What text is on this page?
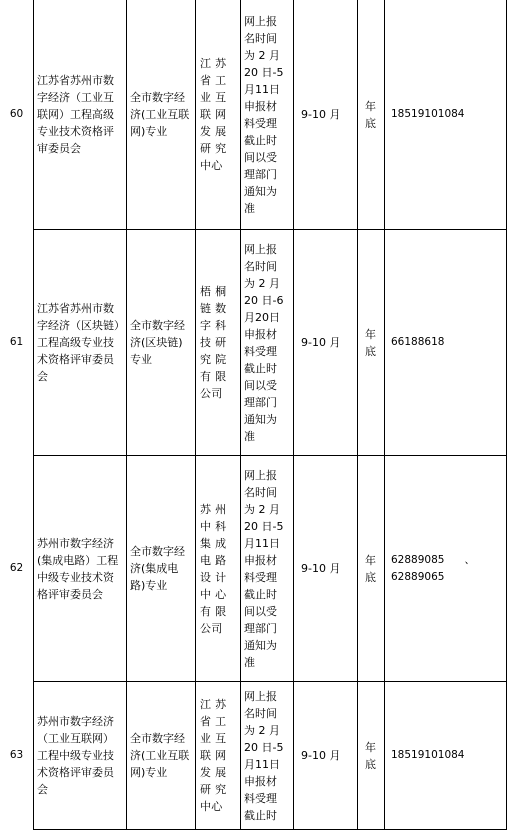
60
江苏省苏州市数字经济（工业互联网）工程高级专业技术资格评审委员会
全市数字经济(工业互联网)专业
江 苏
省 工
业 互
联 网
发 展
研 究
中心
网上报
名时间
为 2 月
20 日-5
月11日
申报材
料受理
截止时
间以受
理部门
通知为
准
9-10 月
年
底
18519101084
61
江苏省苏州市数字经济（区块链）工程高级专业技术资格评审委员会
全市数字经济(区块链)专业
梧 桐
链 数
字 科
技 研
究 院
有 限
公司
网上报
名时间
为 2 月
20 日-6
月20日
申报材
料受理
截止时
间以受
理部门
通知为
准
9-10 月
年
底
66188618
62
苏州市数字经济(集成电路）工程中级专业技术资格评审委员会
全市数字经济(集成电路)专业
苏 州
中 科
集 成
电 路
设 计
中 心
有 限
公司
网上报
名时间
为 2 月
20 日-5
月11日
申报材
料受理
截止时
间以受
理部门
通知为
准
9-10 月
年
底
62889085      、
62889065
63
苏州市数字经济（工业互联网）工程中级专业技术资格评审委员会
全市数字经济(工业互联网)专业
江 苏
省 工
业 互
联 网
发 展
研 究
中心
网上报
名时间
为 2 月
20 日-5
月11日
申报材
料受理
截止时
9-10 月
年
底
18519101084
